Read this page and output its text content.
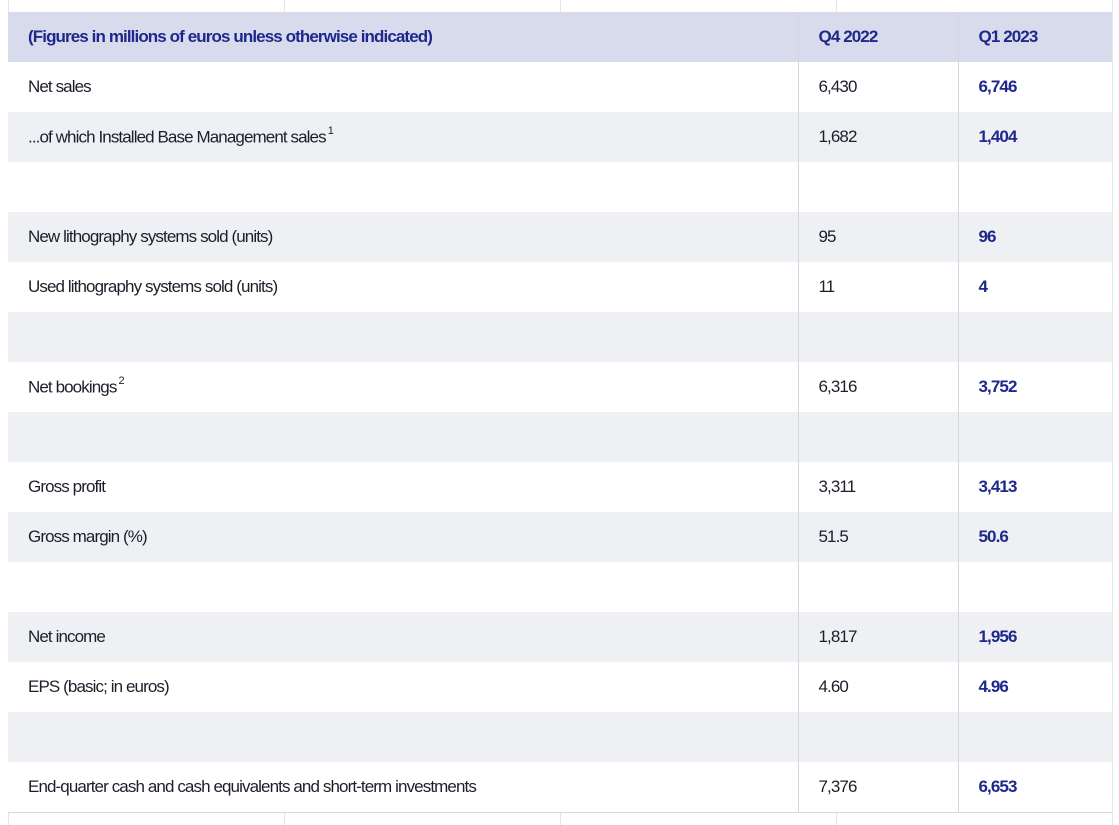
(Figures in millions of euros unless otherwise indicated)	Q4 2022	Q1 2023
Net sales	6,430	6,746
...of which Installed Base Management sales $^1$	1,682	1,404

New lithography systems sold (units)	95	96
Used lithography systems sold (units)	11	4

Net bookings $^2$	6,316	3,752

Gross profit	3,311	3,413
Gross margin (%)	51.5	50.6

Net income	1,817	1,956
EPS (basic; in euros)	4.60	4.96

End-quarter cash and cash equivalents and short-term investments	7,376	6,653
